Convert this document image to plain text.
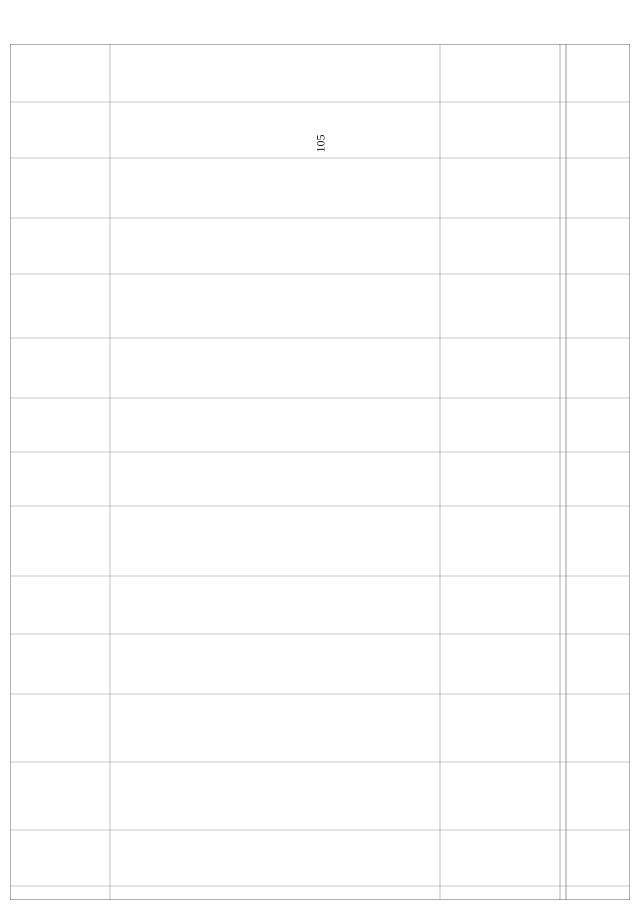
105
